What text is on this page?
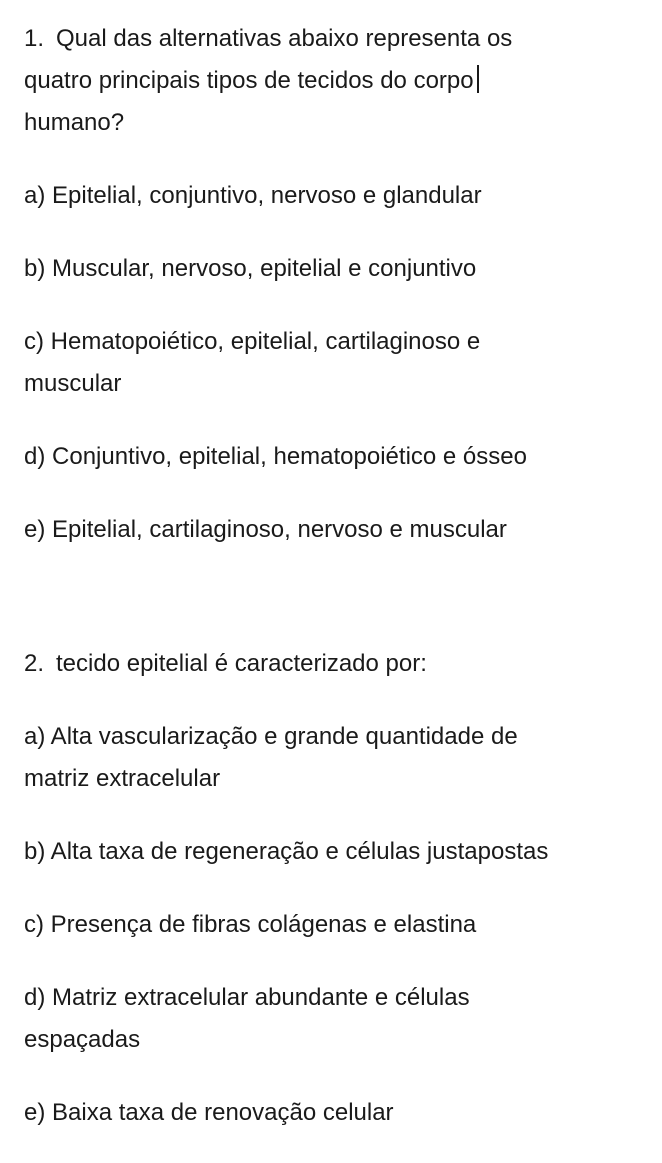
1. Qual das alternativas abaixo representa os
quatro principais tipos de tecidos do corpo
humano?
a) Epitelial, conjuntivo, nervoso e glandular
b) Muscular, nervoso, epitelial e conjuntivo
c) Hematopoiético, epitelial, cartilaginoso e
muscular
d) Conjuntivo, epitelial, hematopoiético e ósseo
e) Epitelial, cartilaginoso, nervoso e muscular
2. tecido epitelial é caracterizado por:
a) Alta vascularização e grande quantidade de
matriz extracelular
b) Alta taxa de regeneração e células justapostas
c) Presença de fibras colágenas e elastina
d) Matriz extracelular abundante e células
espaçadas
e) Baixa taxa de renovação celular
